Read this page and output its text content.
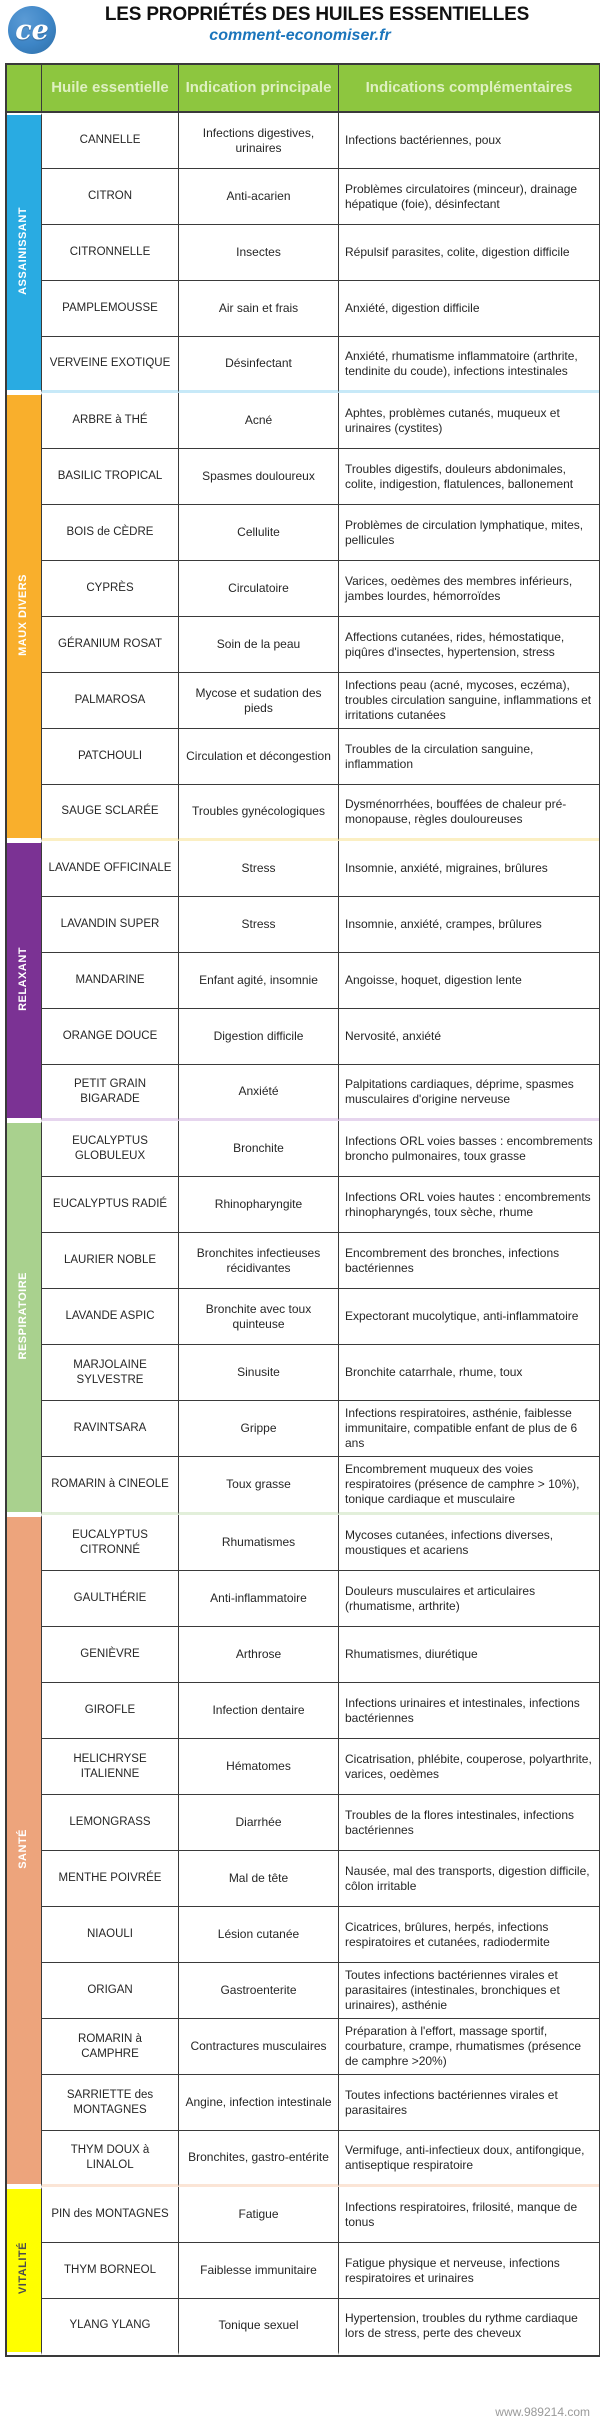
ce	LES PROPRIÉTÉS DES HUILES ESSENTIELLES
comment-economiser.fr
	Huile essentielle	Indication principale	Indications complémentaires
ASSAINISSANT	CANNELLE	Infections digestives, urinaires	Infections bactériennes, poux
	CITRON	Anti-acarien	Problèmes circulatoires (minceur), drainage hépatique (foie), désinfectant
	CITRONNELLE	Insectes	Répulsif parasites, colite, digestion difficile
	PAMPLEMOUSSE	Air sain et frais	Anxiété, digestion difficile
	VERVEINE EXOTIQUE	Désinfectant	Anxiété, rhumatisme inflammatoire (arthrite, tendinite du coude), infections intestinales
MAUX DIVERS	ARBRE à THÉ	Acné	Aphtes, problèmes cutanés, muqueux et urinaires (cystites)
	BASILIC TROPICAL	Spasmes douloureux	Troubles digestifs, douleurs abdonimales, colite, indigestion, flatulences, ballonement
	BOIS de CÈDRE	Cellulite	Problèmes de circulation lymphatique, mites, pellicules
	CYPRÈS	Circulatoire	Varices, oedèmes des membres inférieurs, jambes lourdes, hémorroïdes
	GÉRANIUM ROSAT	Soin de la peau	Affections cutanées, rides, hémostatique, piqûres d'insectes, hypertension, stress
	PALMAROSA	Mycose et sudation des pieds	Infections peau (acné, mycoses, eczéma), troubles circulation sanguine, inflammations et irritations cutanées
	PATCHOULI	Circulation et décongestion	Troubles de la circulation sanguine, inflammation
	SAUGE SCLARÉE	Troubles gynécologiques	Dysménorrhées, bouffées de chaleur pré-monopause, règles douloureuses
RELAXANT	LAVANDE OFFICINALE	Stress	Insomnie, anxiété, migraines, brûlures
	LAVANDIN SUPER	Stress	Insomnie, anxiété, crampes, brûlures
	MANDARINE	Enfant agité, insomnie	Angoisse, hoquet, digestion lente
	ORANGE DOUCE	Digestion difficile	Nervosité, anxiété
	PETIT GRAIN BIGARADE	Anxiété	Palpitations cardiaques, déprime, spasmes musculaires d'origine nerveuse
RESPIRATOIRE	EUCALYPTUS GLOBULEUX	Bronchite	Infections ORL voies basses : encombrements broncho pulmonaires, toux grasse
	EUCALYPTUS RADIÉ	Rhinopharyngite	Infections ORL voies hautes : encombrements rhinopharyngés, toux sèche, rhume
	LAURIER NOBLE	Bronchites infectieuses récidivantes	Encombrement des bronches, infections bactériennes
	LAVANDE ASPIC	Bronchite avec toux quinteuse	Expectorant mucolytique, anti-inflammatoire
	MARJOLAINE SYLVESTRE	Sinusite	Bronchite catarrhale, rhume, toux
	RAVINTSARA	Grippe	Infections respiratoires, asthénie, faiblesse immunitaire, compatible enfant de plus de 6 ans
	ROMARIN à CINEOLE	Toux grasse	Encombrement muqueux des voies respiratoires (présence de camphre > 10%), tonique cardiaque et musculaire
SANTÉ	EUCALYPTUS CITRONNÉ	Rhumatismes	Mycoses cutanées, infections diverses, moustiques et acariens
	GAULTHÉRIE	Anti-inflammatoire	Douleurs musculaires et articulaires (rhumatisme, arthrite)
	GENIÈVRE	Arthrose	Rhumatismes, diurétique
	GIROFLE	Infection dentaire	Infections urinaires et intestinales, infections bactériennes
	HELICHRYSE ITALIENNE	Hématomes	Cicatrisation, phlébite, couperose, polyarthrite, varices, oedèmes
	LEMONGRASS	Diarrhée	Troubles de la flores intestinales, infections bactériennes
	MENTHE POIVRÉE	Mal de tête	Nausée, mal des transports, digestion difficile, côlon irritable
	NIAOULI	Lésion cutanée	Cicatrices, brûlures, herpés, infections respiratoires et cutanées, radiodermite
	ORIGAN	Gastroenterite	Toutes infections bactériennes virales et parasitaires (intestinales, bronchiques et urinaires), asthénie
	ROMARIN à CAMPHRE	Contractures musculaires	Préparation à l'effort, massage sportif, courbature, crampe, rhumatismes (présence de camphre >20%)
	SARRIETTE des MONTAGNES	Angine, infection intestinale	Toutes infections bactériennes virales et parasitaires
	THYM DOUX à LINALOL	Bronchites, gastro-entérite	Vermifuge, anti-infectieux doux, antifongique, antiseptique respiratoire
VITALITÉ	PIN des MONTAGNES	Fatigue	Infections respiratoires, frilosité, manque de tonus
	THYM BORNEOL	Faiblesse immunitaire	Fatigue physique et nerveuse, infections respiratoires et urinaires
	YLANG YLANG	Tonique sexuel	Hypertension, troubles du rythme cardiaque lors de stress, perte des cheveux
www.989214.com
